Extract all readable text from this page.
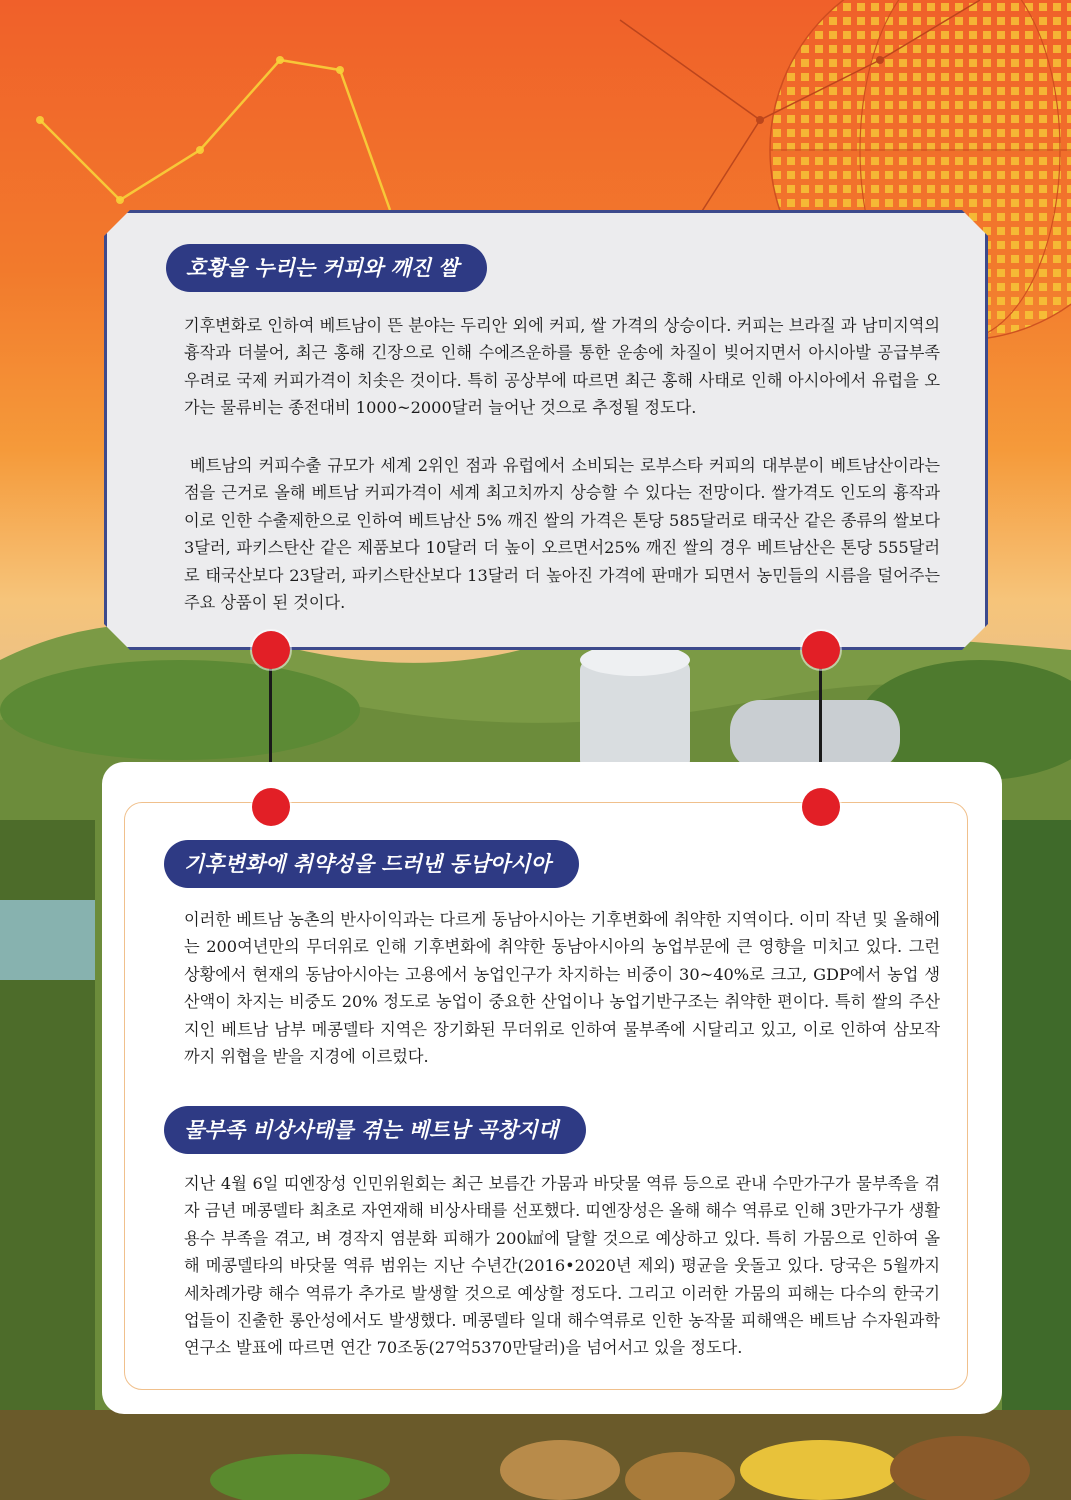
호황을 누리는 커피와 깨진 쌀

기후변화로 인하여 베트남이 뜬 분야는 두리안 외에 커피, 쌀 가격의 상승이다. 커피는 브라질 과 남미지역의 흉작과 더불어, 최근 홍해 긴장으로 인해 수에즈운하를 통한 운송에 차질이 빚어지면서 아시아발 공급부족 우려로 국제 커피가격이 치솟은 것이다. 특히 공상부에 따르면 최근 홍해 사태로 인해 아시아에서 유럽을 오가는 물류비는 종전대비 1000~2000달러 늘어난 것으로 추정될 정도다.

베트남의 커피수출 규모가 세계 2위인 점과 유럽에서 소비되는 로부스타 커피의 대부분이 베트남산이라는 점을 근거로 올해 베트남 커피가격이 세계 최고치까지 상승할 수 있다는 전망이다. 쌀가격도 인도의 흉작과 이로 인한 수출제한으로 인하여 베트남산 5% 깨진 쌀의 가격은 톤당 585달러로 태국산 같은 종류의 쌀보다 3달러, 파키스탄산 같은 제품보다 10달러 더 높이 오르면서25% 깨진 쌀의 경우 베트남산은 톤당 555달러로 태국산보다 23달러, 파키스탄산보다 13달러 더 높아진 가격에 판매가 되면서 농민들의 시름을 덜어주는 주요 상품이 된 것이다.

기후변화에 취약성을 드러낸 동남아시아

이러한 베트남 농촌의 반사이익과는 다르게 동남아시아는 기후변화에 취약한 지역이다. 이미 작년 및 올해에는 200여년만의 무더위로 인해 기후변화에 취약한 동남아시아의 농업부문에 큰 영향을 미치고 있다. 그런 상황에서 현재의 동남아시아는 고용에서 농업인구가 차지하는 비중이 30~40%로 크고, GDP에서 농업 생산액이 차지는 비중도 20% 정도로 농업이 중요한 산업이나 농업기반구조는 취약한 편이다. 특히 쌀의 주산지인 베트남 남부 메콩델타 지역은 장기화된 무더위로 인하여 물부족에 시달리고 있고, 이로 인하여 삼모작까지 위협을 받을 지경에 이르렀다.

물부족 비상사태를 겪는 베트남 곡창지대

지난 4월 6일 띠엔장성 인민위원회는 최근 보름간 가뭄과 바닷물 역류 등으로 관내 수만가구가 물부족을 겪자 금년 메콩델타 최초로 자연재해 비상사태를 선포했다. 띠엔장성은 올해 해수 역류로 인해 3만가구가 생활용수 부족을 겪고, 벼 경작지 염분화 피해가 200㎢에 달할 것으로 예상하고 있다. 특히 가뭄으로 인하여 올해 메콩델타의 바닷물 역류 범위는 지난 수년간(2016•2020년 제외) 평균을 웃돌고 있다. 당국은 5월까지 세차례가량 해수 역류가 추가로 발생할 것으로 예상할 정도다. 그리고 이러한 가뭄의 피해는 다수의 한국기업들이 진출한 롱안성에서도 발생했다. 메콩델타 일대 해수역류로 인한 농작물 피해액은 베트남 수자원과학연구소 발표에 따르면 연간 70조동(27억5370만달러)을 넘어서고 있을 정도다.
